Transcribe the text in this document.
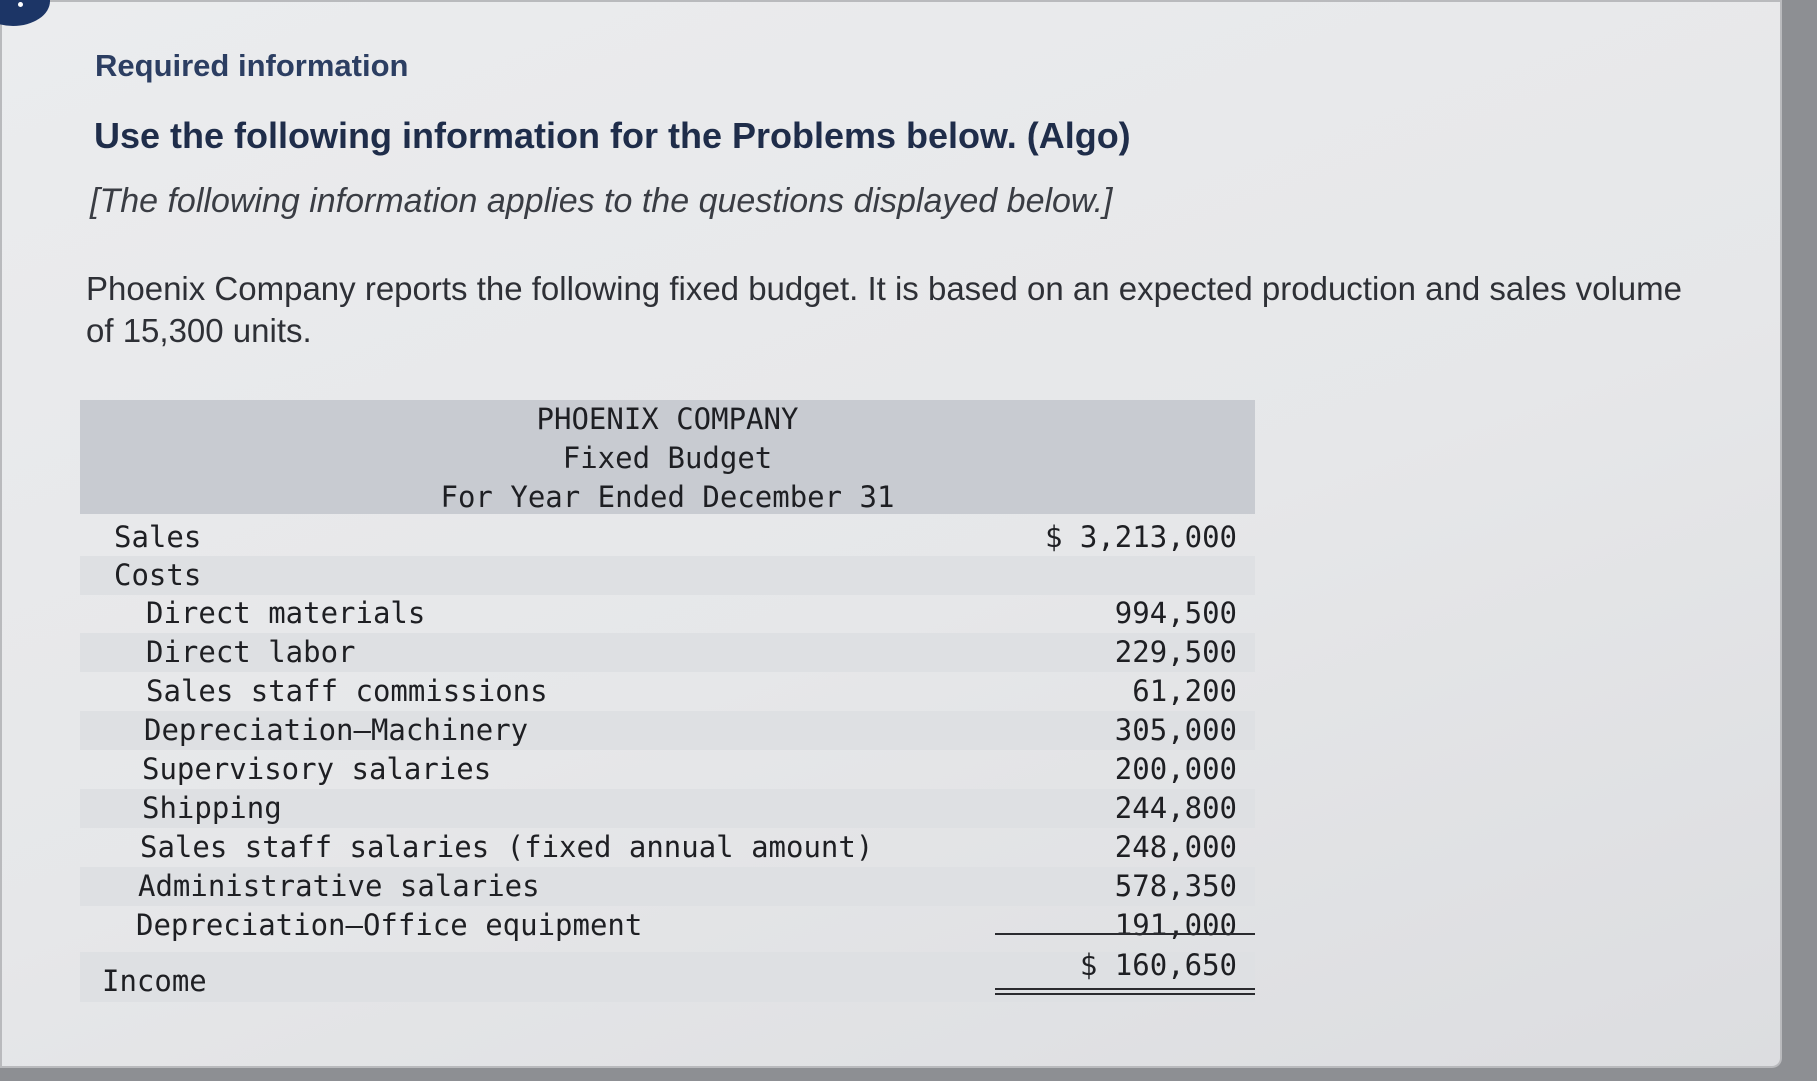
Required information
Use the following information for the Problems below. (Algo)
[The following information applies to the questions displayed below.]
Phoenix Company reports the following fixed budget. It is based on an expected production and sales volume of 15,300 units.
PHOENIX COMPANY
Fixed Budget
For Year Ended December 31
Sales	$ 3,213,000
Costs
Direct materials	994,500
Direct labor	229,500
Sales staff commissions	61,200
Depreciation—Machinery	305,000
Supervisory salaries	200,000
Shipping	244,800
Sales staff salaries (fixed annual amount)	248,000
Administrative salaries	578,350
Depreciation—Office equipment	191,000
Income	$ 160,650
